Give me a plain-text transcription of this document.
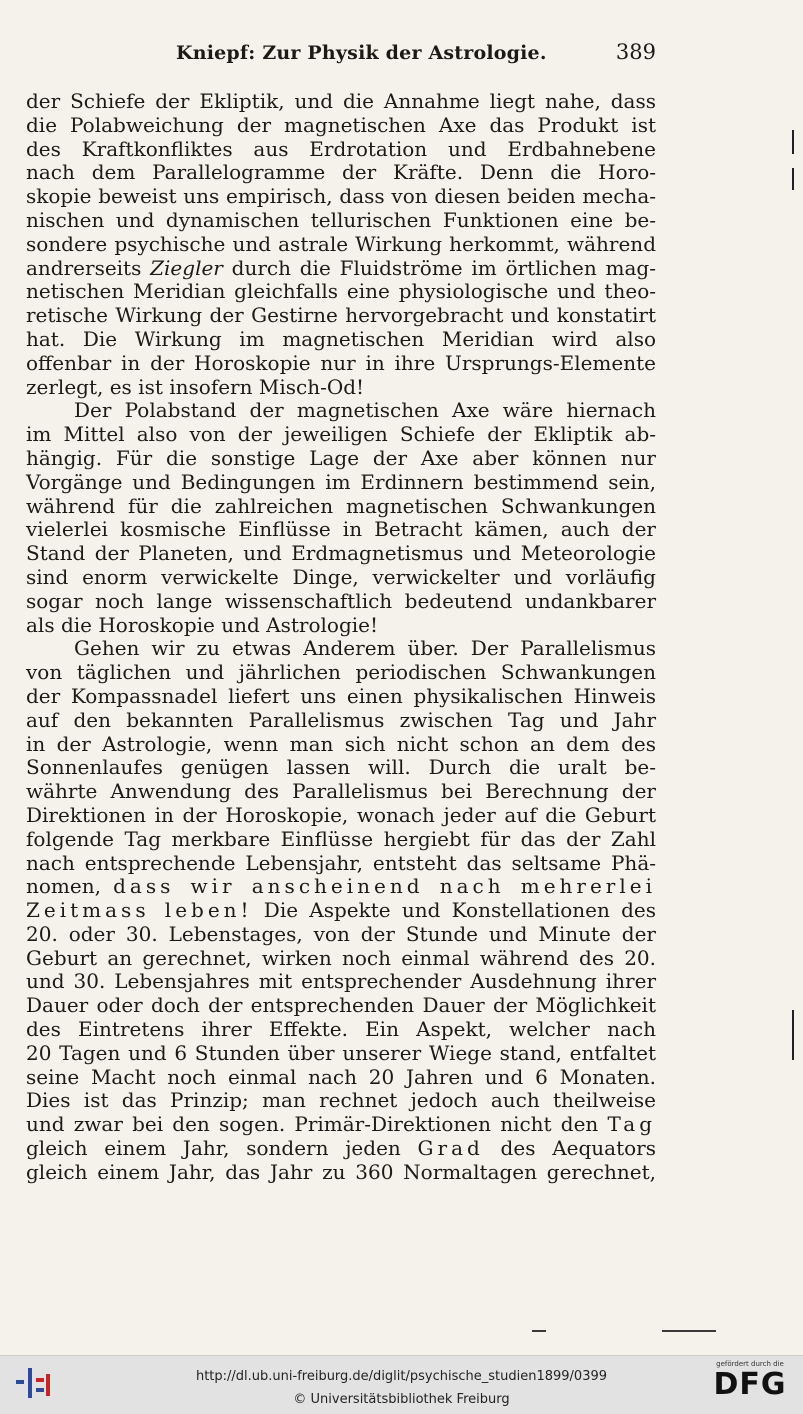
Kniepf: Zur Physik der Astrologie.	389
der Schiefe der Ekliptik, und die Annahme liegt nahe, dass
die Polabweichung der magnetischen Axe das Produkt ist
des Kraftkonfliktes aus Erdrotation und Erdbahnebene
nach dem Parallelogramme der Kräfte. Denn die Horo-
skopie beweist uns empirisch, dass von diesen beiden mecha-
nischen und dynamischen tellurischen Funktionen eine be-
sondere psychische und astrale Wirkung herkommt, während
andrerseits Ziegler durch die Fluidströme im örtlichen mag-
netischen Meridian gleichfalls eine physiologische und theo-
retische Wirkung der Gestirne hervorgebracht und konstatirt
hat. Die Wirkung im magnetischen Meridian wird also
offenbar in der Horoskopie nur in ihre Ursprungs-Elemente
zerlegt, es ist insofern Misch-Od!
Der Polabstand der magnetischen Axe wäre hiernach
im Mittel also von der jeweiligen Schiefe der Ekliptik ab-
hängig. Für die sonstige Lage der Axe aber können nur
Vorgänge und Bedingungen im Erdinnern bestimmend sein,
während für die zahlreichen magnetischen Schwankungen
vielerlei kosmische Einflüsse in Betracht kämen, auch der
Stand der Planeten, und Erdmagnetismus und Meteorologie
sind enorm verwickelte Dinge, verwickelter und vorläufig
sogar noch lange wissenschaftlich bedeutend undankbarer
als die Horoskopie und Astrologie!
Gehen wir zu etwas Anderem über. Der Parallelismus
von täglichen und jährlichen periodischen Schwankungen
der Kompassnadel liefert uns einen physikalischen Hinweis
auf den bekannten Parallelismus zwischen Tag und Jahr
in der Astrologie, wenn man sich nicht schon an dem des
Sonnenlaufes genügen lassen will. Durch die uralt be-
währte Anwendung des Parallelismus bei Berechnung der
Direktionen in der Horoskopie, wonach jeder auf die Geburt
folgende Tag merkbare Einflüsse hergiebt für das der Zahl
nach entsprechende Lebensjahr, entsteht das seltsame Phä-
nomen, dass wir anscheinend nach mehrerlei
Zeitmass leben! Die Aspekte und Konstellationen des
20. oder 30. Lebenstages, von der Stunde und Minute der
Geburt an gerechnet, wirken noch einmal während des 20.
und 30. Lebensjahres mit entsprechender Ausdehnung ihrer
Dauer oder doch der entsprechenden Dauer der Möglichkeit
des Eintretens ihrer Effekte. Ein Aspekt, welcher nach
20 Tagen und 6 Stunden über unserer Wiege stand, entfaltet
seine Macht noch einmal nach 20 Jahren und 6 Monaten.
Dies ist das Prinzip; man rechnet jedoch auch theilweise
und zwar bei den sogen. Primär-Direktionen nicht den Tag
gleich einem Jahr, sondern jeden Grad des Aequators
gleich einem Jahr, das Jahr zu 360 Normaltagen gerechnet,
http://dl.ub.uni-freiburg.de/diglit/psychische_studien1899/0399
© Universitätsbibliothek Freiburg
gefördert durch die
DFG
